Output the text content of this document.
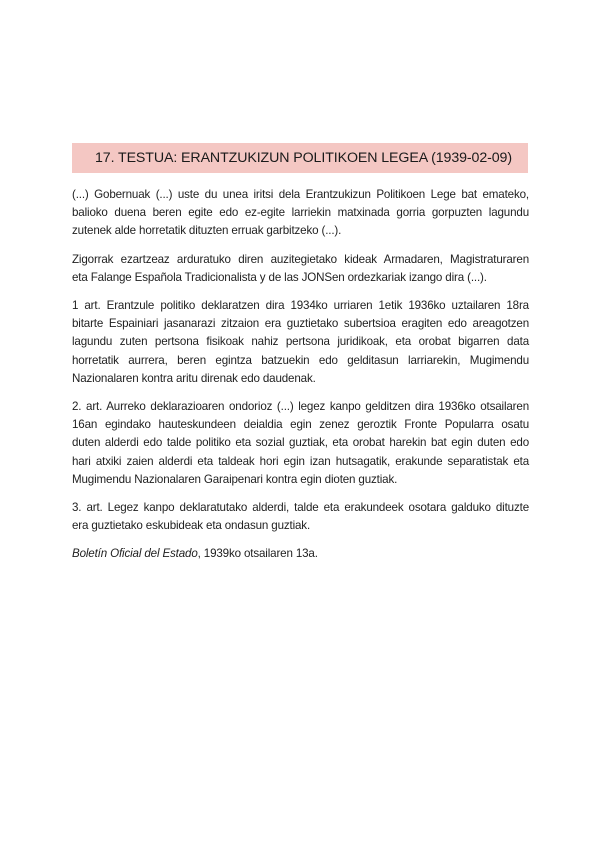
17. TESTUA: ERANTZUKIZUN POLITIKOEN LEGEA (1939-02-09)

(...) Gobernuak (...) uste du unea iritsi dela Erantzukizun Politikoen Lege bat emateko,
balioko duena beren egite edo ez-egite larriekin matxinada gorria gorpuzten lagundu
zutenek alde horretatik dituzten erruak garbitzeko (...).

Zigorrak ezartzeaz arduratuko diren auzitegietako kideak Armadaren, Magistraturaren
eta Falange Española Tradicionalista y de las JONSen ordezkariak izango dira (...).

1 art. Erantzule politiko deklaratzen dira 1934ko urriaren 1etik 1936ko uztailaren 18ra
bitarte Espainiari jasanarazi zitzaion era guztietako subertsioa eragiten edo areagotzen
lagundu zuten pertsona fisikoak nahiz pertsona juridikoak, eta orobat bigarren data
horretatik aurrera, beren egintza batzuekin edo gelditasun larriarekin, Mugimendu
Nazionalaren kontra aritu direnak edo daudenak.

2. art. Aurreko deklarazioaren ondorioz (...) legez kanpo gelditzen dira 1936ko otsailaren
16an egindako hauteskundeen deialdia egin zenez geroztik Fronte Popularra osatu
duten alderdi edo talde politiko eta sozial guztiak, eta orobat harekin bat egin duten edo
hari atxiki zaien alderdi eta taldeak hori egin izan hutsagatik, erakunde separatistak eta
Mugimendu Nazionalaren Garaipenari kontra egin dioten guztiak.

3. art. Legez kanpo deklaratutako alderdi, talde eta erakundeek osotara galduko dituzte
era guztietako eskubideak eta ondasun guztiak.

Boletín Oficial del Estado, 1939ko otsailaren 13a.
